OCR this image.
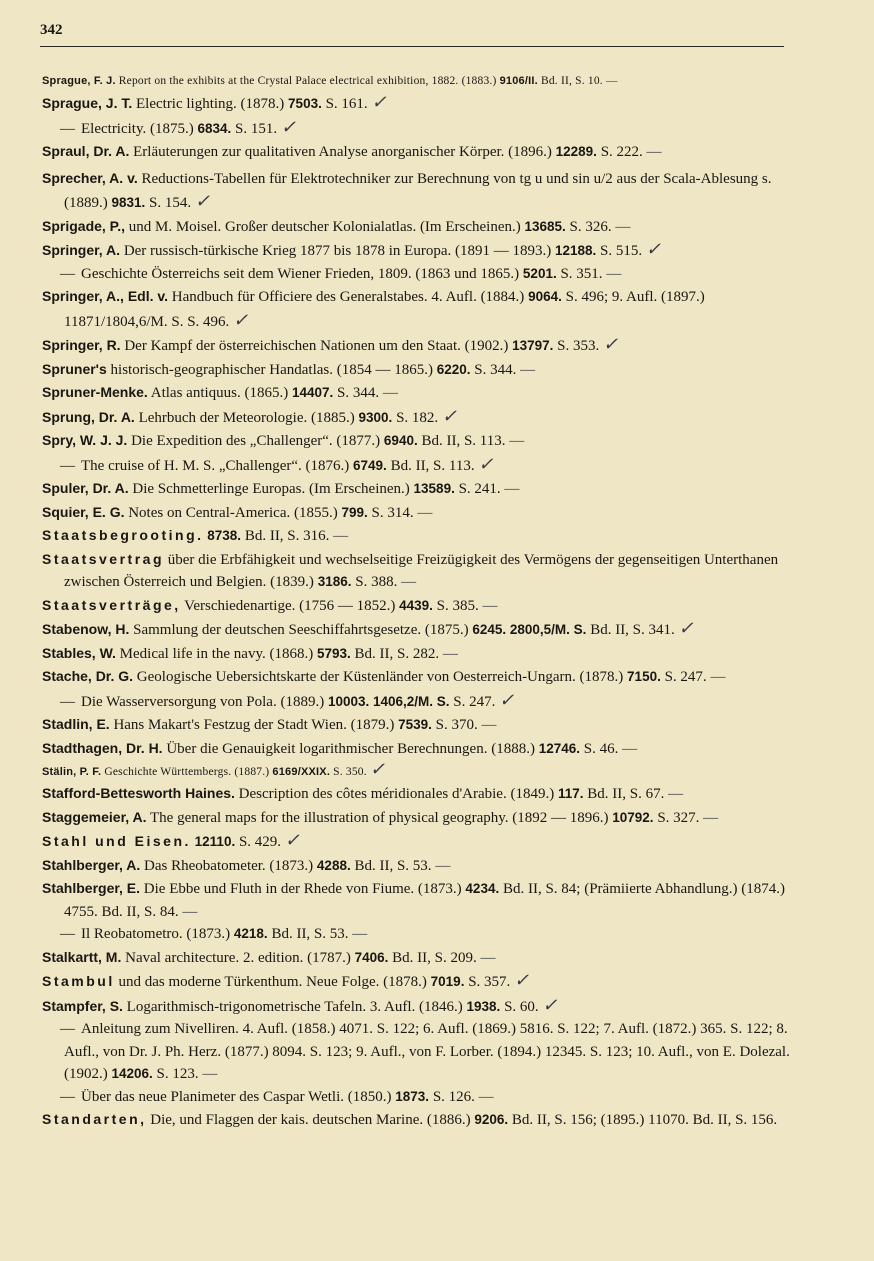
342

Sprague, F. J. Report on the exhibits at the Crystal Palace electrical exhibition, 1882. (1883.) 9106/II. Bd. II, S. 10. —

Sprague, J. T. Electric lighting. (1878.) 7503. S. 161. ✓

— Electricity. (1875.) 6834. S. 151. ✓

Spraul, Dr. A. Erläuterungen zur qualitativen Analyse anorganischer Körper. (1896.) 12289. S. 222. —

Sprecher, A. v. Reductions-Tabellen für Elektrotechniker zur Berechnung von tg u und sin u/2 aus der Scala-Ablesung s. (1889.) 9831. S. 154. ✓

Sprigade, P., und M. Moisel. Großer deutscher Kolonialatlas. (Im Erscheinen.) 13685. S. 326. —

Springer, A. Der russisch-türkische Krieg 1877 bis 1878 in Europa. (1891 — 1893.) 12188. S. 515. ✓

— Geschichte Österreichs seit dem Wiener Frieden, 1809. (1863 und 1865.) 5201. S. 351. —

Springer, A., Edl. v. Handbuch für Officiere des Generalstabes. 4. Aufl. (1884.) 9064. S. 496; 9. Aufl. (1897.) 11871/1804,6/M. S. S. 496. ✓

Springer, R. Der Kampf der österreichischen Nationen um den Staat. (1902.) 13797. S. 353. ✓

Spruner's historisch-geographischer Handatlas. (1854 — 1865.) 6220. S. 344. —

Spruner-Menke. Atlas antiquus. (1865.) 14407. S. 344. —

Sprung, Dr. A. Lehrbuch der Meteorologie. (1885.) 9300. S. 182. ✓

Spry, W. J. J. Die Expedition des „Challenger“. (1877.) 6940. Bd. II, S. 113. —

— The cruise of H. M. S. „Challenger“. (1876.) 6749. Bd. II, S. 113. ✓

Spuler, Dr. A. Die Schmetterlinge Europas. (Im Erscheinen.) 13589. S. 241. —

Squier, E. G. Notes on Central-America. (1855.) 799. S. 314. —

Staatsbegrooting. 8738. Bd. II, S. 316. —

Staatsvertrag über die Erbfähigkeit und wechselseitige Freizügigkeit des Vermögens der gegenseitigen Unterthanen zwischen Österreich und Belgien. (1839.) 3186. S. 388. —

Staatsverträge, Verschiedenartige. (1756 — 1852.) 4439. S. 385. —

Stabenow, H. Sammlung der deutschen Seeschiffahrtsgesetze. (1875.) 6245. 2800,5/M. S. Bd. II, S. 341. ✓

Stables, W. Medical life in the navy. (1868.) 5793. Bd. II, S. 282. —

Stache, Dr. G. Geologische Uebersichtskarte der Küstenländer von Oesterreich-Ungarn. (1878.) 7150. S. 247. —

— Die Wasserversorgung von Pola. (1889.) 10003. 1406,2/M. S. S. 247. ✓

Stadlin, E. Hans Makart's Festzug der Stadt Wien. (1879.) 7539. S. 370. —

Stadthagen, Dr. H. Über die Genauigkeit logarithmischer Berechnungen. (1888.) 12746. S. 46. —

Stälin, P. F. Geschichte Württembergs. (1887.) 6169/XXIX. S. 350. ✓

Stafford-Bettesworth Haines. Description des côtes méridionales d'Arabie. (1849.) 117. Bd. II, S. 67. —

Staggemeier, A. The general maps for the illustration of physical geography. (1892 — 1896.) 10792. S. 327. —

Stahl und Eisen. 12110. S. 429. ✓

Stahlberger, A. Das Rheobatometer. (1873.) 4288. Bd. II, S. 53. —

Stahlberger, E. Die Ebbe und Fluth in der Rhede von Fiume. (1873.) 4234. Bd. II, S. 84; (Prämiierte Abhandlung.) (1874.) 4755. Bd. II, S. 84. —

— Il Reobatometro. (1873.) 4218. Bd. II, S. 53. —

Stalkartt, M. Naval architecture. 2. edition. (1787.) 7406. Bd. II, S. 209. —

Stambul und das moderne Türkenthum. Neue Folge. (1878.) 7019. S. 357. ✓

Stampfer, S. Logarithmisch-trigonometrische Tafeln. 3. Aufl. (1846.) 1938. S. 60. ✓

— Anleitung zum Nivelliren. 4. Aufl. (1858.) 4071. S. 122; 6. Aufl. (1869.) 5816. S. 122; 7. Aufl. (1872.) 365. S. 122; 8. Aufl., von Dr. J. Ph. Herz. (1877.) 8094. S. 123; 9. Aufl., von F. Lorber. (1894.) 12345. S. 123; 10. Aufl., von E. Dolezal. (1902.) 14206. S. 123. —

— Über das neue Planimeter des Caspar Wetli. (1850.) 1873. S. 126. —

Standarten, Die, und Flaggen der kais. deutschen Marine. (1886.) 9206. Bd. II, S. 156; (1895.) 11070. Bd. II, S. 156.
